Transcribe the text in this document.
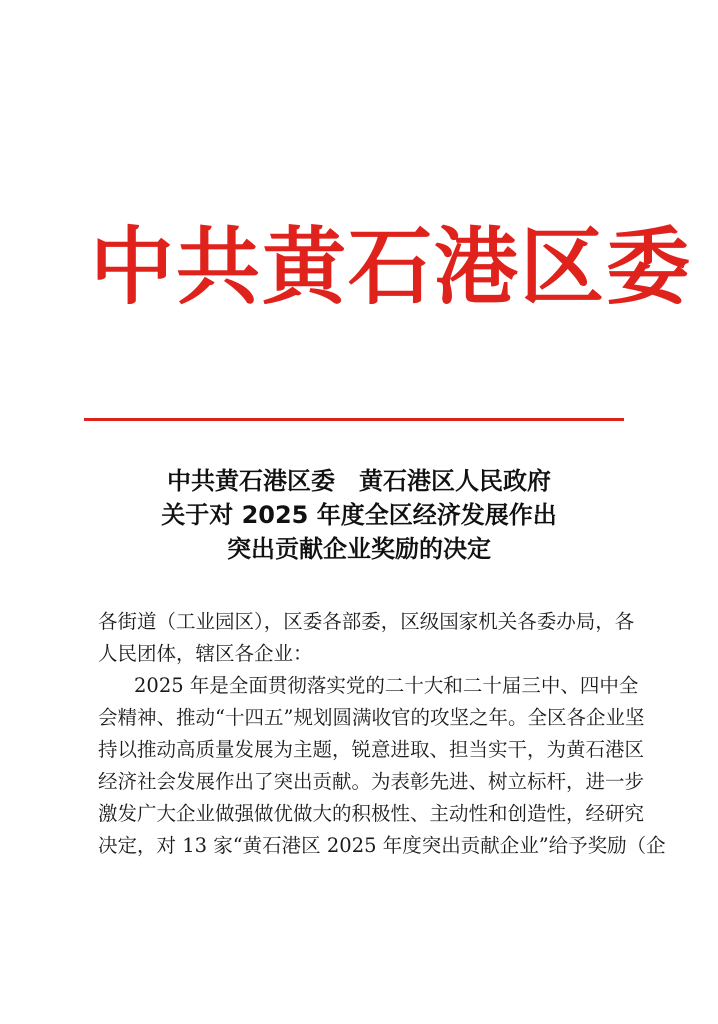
中共黄石港区委
中共黄石港区委　黄石港区人民政府
关于对 2025 年度全区经济发展作出
突出贡献企业奖励的决定
各街道（工业园区），区委各部委，区级国家机关各委办局，各
人民团体，辖区各企业：
2025 年是全面贯彻落实党的二十大和二十届三中、四中全
会精神、推动“十四五”规划圆满收官的攻坚之年。全区各企业坚
持以推动高质量发展为主题，锐意进取、担当实干，为黄石港区
经济社会发展作出了突出贡献。为表彰先进、树立标杆，进一步
激发广大企业做强做优做大的积极性、主动性和创造性，经研究
决定，对 13 家“黄石港区 2025 年度突出贡献企业”给予奖励（企
